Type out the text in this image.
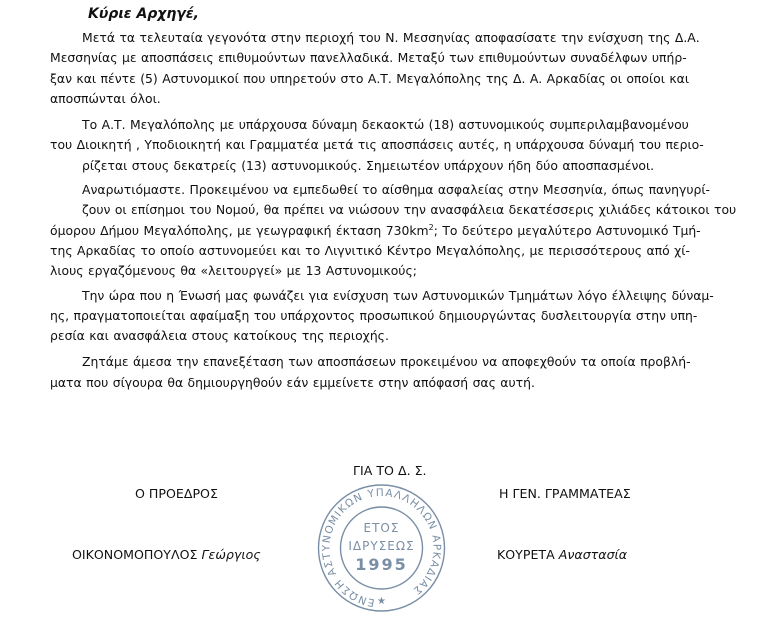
Κύριε Αρχηγέ,

Μετά τα τελευταία γεγονότα στην περιοχή του Ν. Μεσσηνίας αποφασίσατε την ενίσχυση της Δ.Α.
Μεσσηνίας με αποσπάσεις επιθυμούντων πανελλαδικά. Μεταξύ των επιθυμούντων συναδέλφων υπήρ-
ξαν και πέντε (5) Αστυνομικοί που υπηρετούν στο Α.Τ. Μεγαλόπολης της Δ. Α. Αρκαδίας οι οποίοι και
αποσπώνται όλοι.

Το Α.Τ. Μεγαλόπολης με υπάρχουσα δύναμη δεκαοκτώ (18) αστυνομικούς συμπεριλαμβανομένου
του Διοικητή , Υποδιοικητή και Γραμματέα μετά τις αποσπάσεις αυτές, η υπάρχουσα δύναμή του περιο-
ρίζεται στους δεκατρείς (13) αστυνομικούς. Σημειωτέον υπάρχουν ήδη δύο αποσπασμένοι.

Αναρωτιόμαστε. Προκειμένου να εμπεδωθεί το αίσθημα ασφαλείας στην Μεσσηνία, όπως πανηγυρί-
ζουν οι επίσημοι του Νομού, θα πρέπει να νιώσουν την ανασφάλεια δεκατέσσερις χιλιάδες κάτοικοι του
όμορου Δήμου Μεγαλόπολης, με γεωγραφική έκταση $730km^2$; Το δεύτερο μεγαλύτερο Αστυνομικό Τμή-
της Αρκαδίας το οποίο αστυνομεύει και το Λιγνιτικό Κέντρο Μεγαλόπολης, με περισσότερους από χί-
λιους εργαζόμενους θα «λειτουργεί» με 13 Αστυνομικούς;

Την ώρα που η Ένωσή μας φωνάζει για ενίσχυση των Αστυνομικών Τμημάτων λόγο έλλειψης δύναμ-
ης, πραγματοποιείται αφαίμαξη του υπάρχοντος προσωπικού δημιουργώντας δυσλειτουργία στην υπη-
ρεσία και ανασφάλεια στους κατοίκους της περιοχής.

Ζητάμε άμεσα την επανεξέταση των αποσπάσεων προκειμένου να αποφεχθούν τα οποία προβλή-
ματα που σίγουρα θα δημιουργηθούν εάν εμμείνετε στην απόφασή σας αυτή.

ΓΙΑ ΤΟ Δ. Σ.

Ο ΠΡΟΕΔΡΟΣ	Η ΓΕΝ. ΓΡΑΜΜΑΤΕΑΣ

ΟΙΚΟΝΟΜΟΠΟΥΛΟΣ Γεώργιος	ΚΟΥΡΕΤΑ Αναστασία

ΕΝΩΣΗ ΑΣΤΥΝΟΜΙΚΩΝ ΥΠΑΛΛΗΛΩΝ ΑΡΚΑΔΙΑΣ
ΕΤΟΣ
ΙΔΡΥΣΕΩΣ
1995
★
